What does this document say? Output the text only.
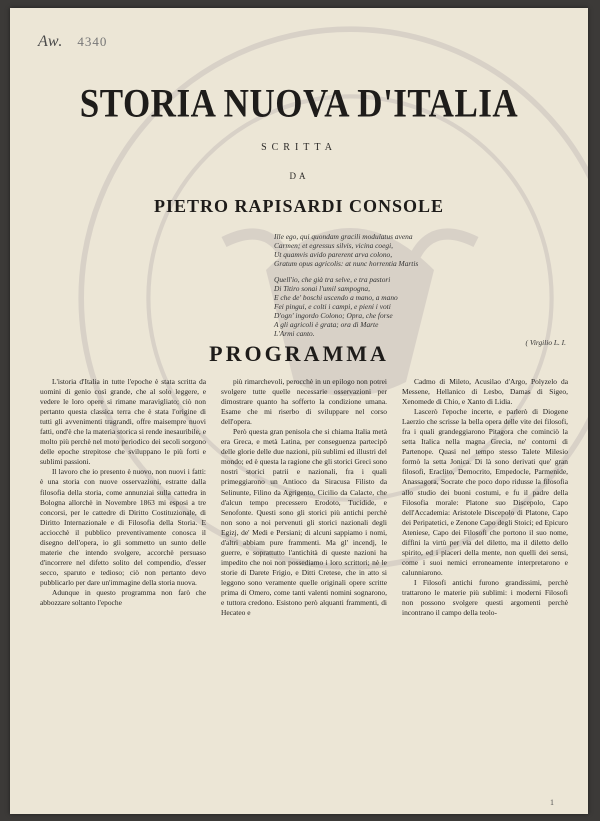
Aw. 4340
STORIA NUOVA D'ITALIA
SCRITTA
DA
PIETRO RAPISARDI CONSOLE
Ille ego, qui quondam gracili modulatus avena
Carmen; et egressus silvis, vicina coegi,
Ut quamvis avido parerent arva colono,
Gratum opus agricolis: at nunc horrentia Martis
Quell'io, che già tra selve, e tra pastori
Di Titiro sonai l'umil sampogna,
E che de' boschi uscendo a mano, a mano
Fei pingui, e colti i campi, e pieni i voti
D'ogn' ingordo Colono; Opra, che forse
A gli agricoli è grata; ora di Marte
L'Armi canto.
( Virgilio L. I.
PROGRAMMA

L'istoria d'Italia in tutte l'epoche è stata scritta da uomini di genio così grande, che al solo leggere, e vedere le loro opere si rimane maravigliato; ciò non pertanto questa classica terra che è stata l'origine di tutti gli avvenimenti tragrandi, offre maisempre nuovi fatti, ond'è che la materia storica si rende inesauribile, e molto più perchè nel moto periodico dei secoli sorgono delle epoche strepitose che sviluppano le più forti e sublimi passioni.

Il lavoro che io presento è nuovo, non nuovi i fatti: è una storia con nuove osservazioni, estratte dalla filosofia della storia, come annunziai sulla cattedra in Bologna allorchè in Novembre 1863 mi esposi a tre concorsi, per le cattedre di Diritto Costituzionale, di Diritto Internazionale e di Filosofia della Storia. E acciocchè il pubblico preventivamente conosca il disegno dell'opera, io gli sommetto un sunto delle materie che intendo svolgere, accorchè persuaso d'incorrere nel difetto solito del compendio, d'esser secco, sparuto e tedioso; ciò non pertanto devo pubblicarlo per dare un'immagine della storia nuova.

Adunque in questo programma non farò che abbozzare soltanto l'epoche

più rimarchevoli, perocchè in un epilogo non potrei svolgere tutte quelle necessarie osservazioni per dimostrare quanto ha sofferto la condizione umana. Esame che mi riserbo di sviluppare nel corso dell'opera.

Però questa gran penisola che si chiama Italia metà era Greca, e metà Latina, per conseguenza partecipò delle glorie delle due nazioni, più sublimi ed illustri del mondo; ed è questa la ragione che gli storici Greci sono nostri storici patrii e nazionali, fra i quali primeggiarono un Antioco da Siracusa Filisto da Selinunte, Filino da Agrigento, Cicilio da Calacte, che d'alcun tempo precessero Erodoto, Tucidide, e Senofonte. Questi sono gli storici più antichi perchè non sono a noi pervenuti gli storici nazionali degli Egizj, de' Medi e Persiani; di alcuni sappiamo i nomi, d'altri abbiam pure frammenti. Ma gl' incendj, le guerre, e soprattutto l'antichità di queste nazioni ha impedito che noi non possediamo i loro scrittori; nè le storie di Darete Frigio, e Ditti Cretese, che in atto si leggono sono veramente quelle originali opere scritte prima di Omero, come tanti valenti nomini sognarono, e tuttora credono. Esistono però alquanti frammenti, di Hecateo e

Cadmo di Mileto, Acusilao d'Argo, Polyzelo da Messene, Hellanico di Lesbo, Damas di Sigeo, Xenomede di Chio, e Xanto di Lidia.

Lascerò l'epoche incerte, e parlerò di Diogene Laerzio che scrisse la bella opera delle vite dei filosofi, fra i quali grandeggiarono Pitagora che cominciò la setta Italica nella magna Grecia, ne' contorni di Partenope. Quasi nel tempo stesso Talete Milesio formò la setta Jonica. Di là sono derivati que' gran filosofi, Eraclito, Democrito, Empedocle, Parmenide, Anassagora, Socrate che poco dopo ridusse la filosofia allo studio dei buoni costumi, e fu il padre della Filosofia morale: Platone suo Discepolo, Capo dell'Accademia: Aristotele Discepolo di Platone, Capo dei Peripatetici, e Zenone Capo degli Stoici; ed Epicuro Ateniese, Capo dei Filosofi che portono il suo nome, diffini la virtù per via del diletto, ma il diletto dello spirito, ed i piaceri della mente, non quelli dei sensi, come i suoi nemici erroneamente interpretarono e calunniarono.

I Filosofi antichi furono grandissimi, perchè trattarono le materie più sublimi: i moderni Filosofi non possono svolgere questi argomenti perchè incontrano il campo della teolo-

1
